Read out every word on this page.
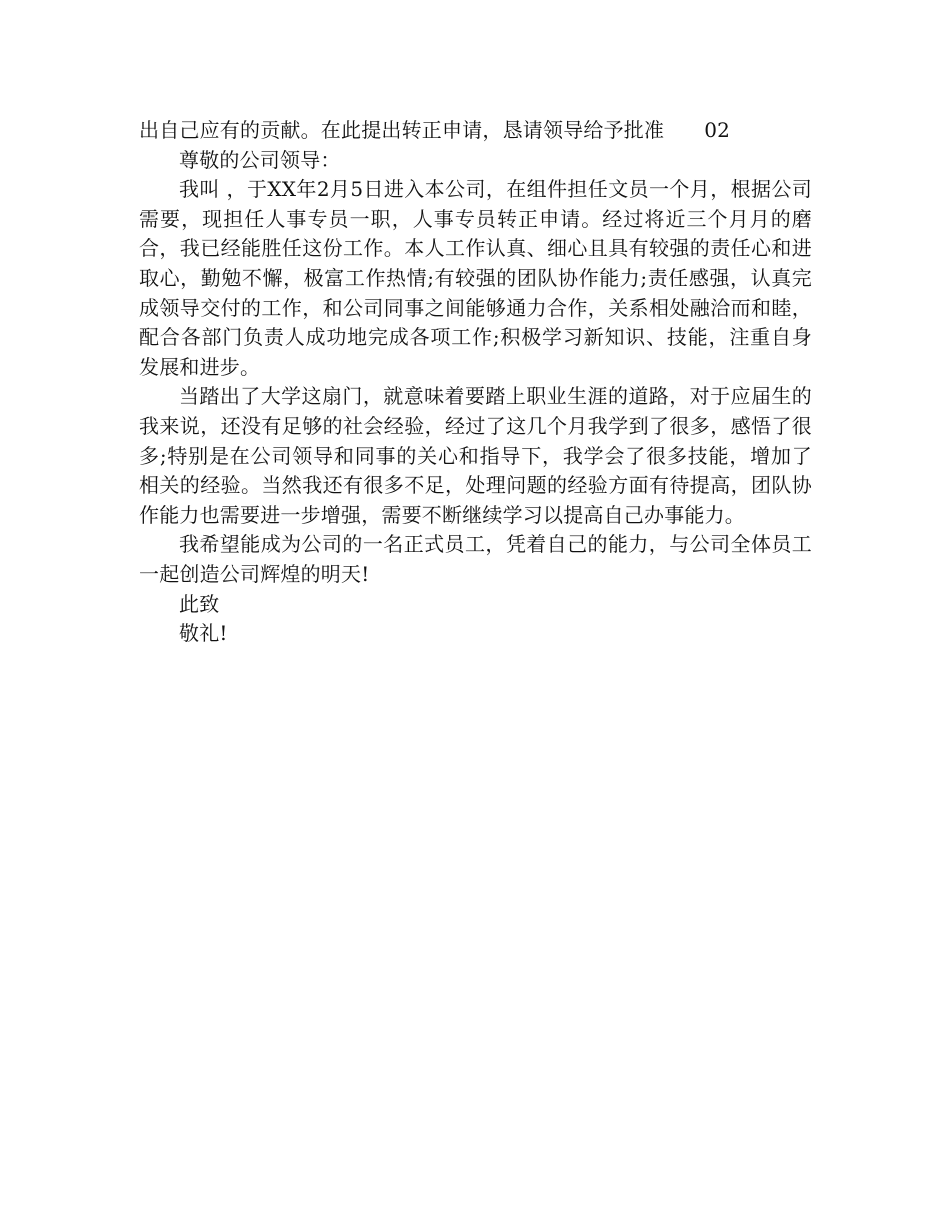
出自己应有的贡献。在此提出转正申请，恳请领导给予批准 02

尊敬的公司领导：

我叫 ，于XX年2月5日进入本公司，在组件担任文员一个月，根据公司需要，现担任人事专员一职，人事专员转正申请。经过将近三个月月的磨合，我已经能胜任这份工作。本人工作认真、细心且具有较强的责任心和进取心，勤勉不懈，极富工作热情;有较强的团队协作能力;责任感强，认真完成领导交付的工作，和公司同事之间能够通力合作，关系相处融洽而和睦，配合各部门负责人成功地完成各项工作;积极学习新知识、技能，注重自身发展和进步。

当踏出了大学这扇门，就意味着要踏上职业生涯的道路，对于应届生的我来说，还没有足够的社会经验，经过了这几个月我学到了很多，感悟了很多;特别是在公司领导和同事的关心和指导下，我学会了很多技能，增加了相关的经验。当然我还有很多不足，处理问题的经验方面有待提高，团队协作能力也需要进一步增强，需要不断继续学习以提高自己办事能力。

我希望能成为公司的一名正式员工，凭着自己的能力，与公司全体员工一起创造公司辉煌的明天!

此致

敬礼!
